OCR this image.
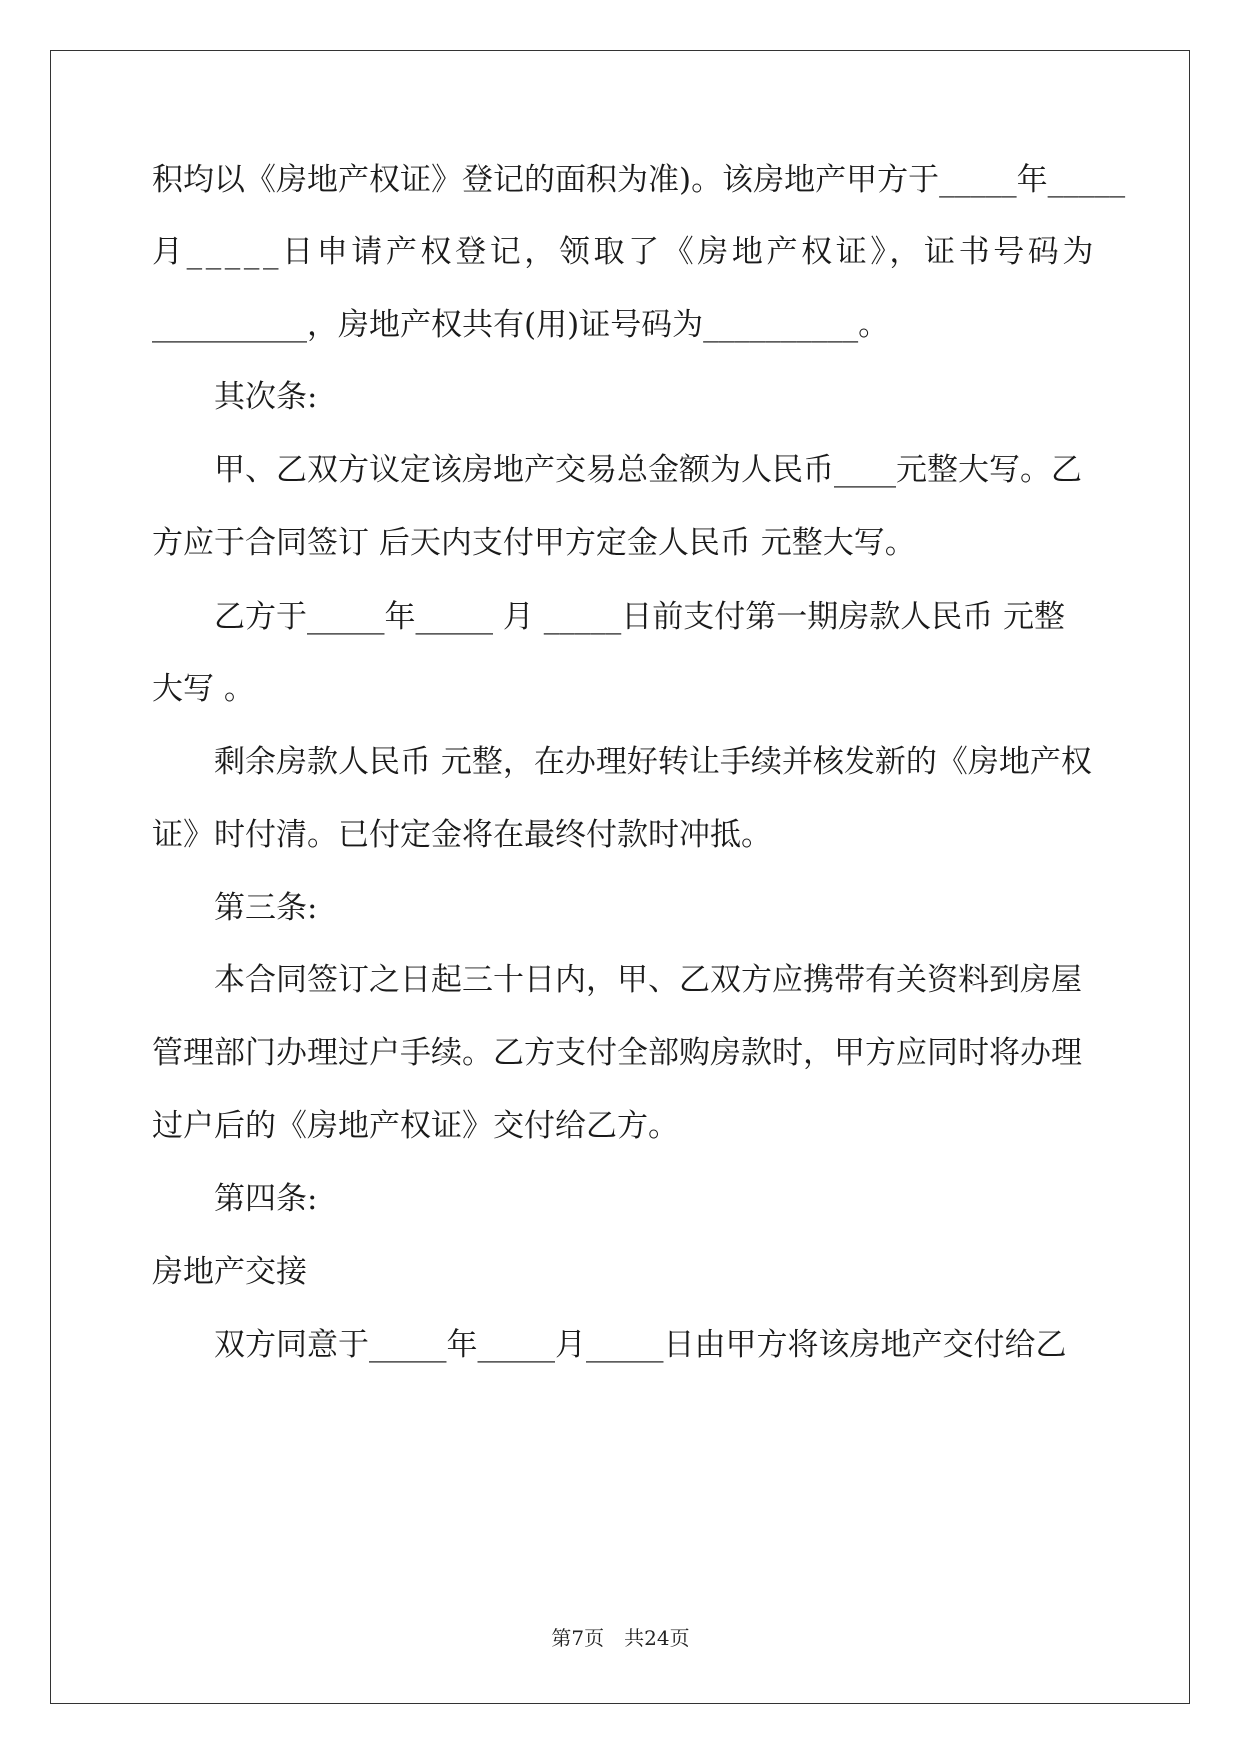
积均以《房地产权证》登记的面积为准)。该房地产甲方于_____年_____
月_____日申请产权登记，领取了《房地产权证》，证书号码为
__________，房地产权共有(用)证号码为__________。
　　其次条:
　　甲、乙双方议定该房地产交易总金额为人民币____元整大写。乙
方应于合同签订 后天内支付甲方定金人民币 元整大写。
　　乙方于_____年_____ 月 _____日前支付第一期房款人民币 元整
大写 。
　　剩余房款人民币 元整，在办理好转让手续并核发新的《房地产权
证》时付清。已付定金将在最终付款时冲抵。
　　第三条:
　　本合同签订之日起三十日内，甲、乙双方应携带有关资料到房屋
管理部门办理过户手续。乙方支付全部购房款时，甲方应同时将办理
过户后的《房地产权证》交付给乙方。
　　第四条:
房地产交接
　　双方同意于_____年_____月_____日由甲方将该房地产交付给乙
第7页　共24页
